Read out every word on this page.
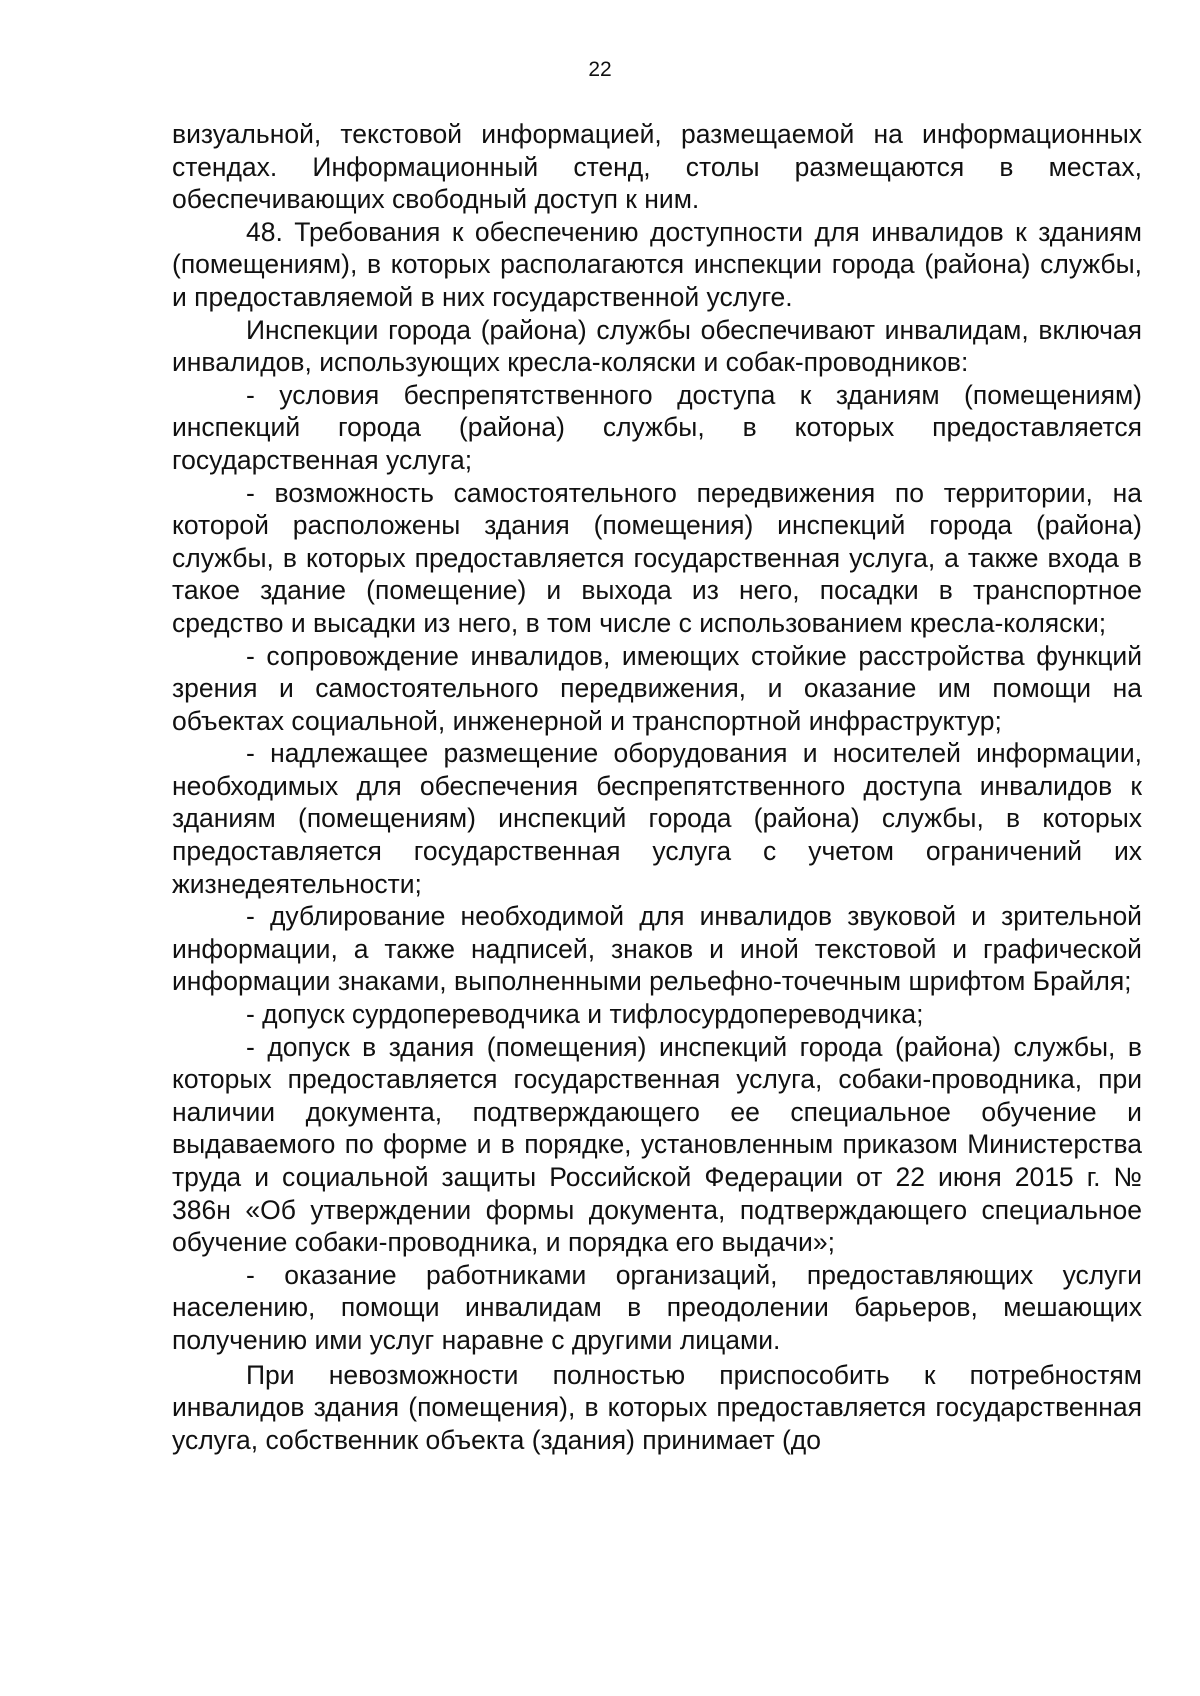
22

визуальной, текстовой информацией, размещаемой на информационных стендах. Информационный стенд, столы размещаются в местах, обеспечивающих свободный доступ к ним.

48. Требования к обеспечению доступности для инвалидов к зданиям (помещениям), в которых располагаются инспекции города (района) службы, и предоставляемой в них государственной услуге.

Инспекции города (района) службы обеспечивают инвалидам, включая инвалидов, использующих кресла-коляски и собак-проводников:

- условия беспрепятственного доступа к зданиям (помещениям) инспекций города (района) службы, в которых предоставляется государственная услуга;

- возможность самостоятельного передвижения по территории, на которой расположены здания (помещения) инспекций города (района) службы, в которых предоставляется государственная услуга, а также входа в такое здание (помещение) и выхода из него, посадки в транспортное средство и высадки из него, в том числе с использованием кресла-коляски;

- сопровождение инвалидов, имеющих стойкие расстройства функций зрения и самостоятельного передвижения, и оказание им помощи на объектах социальной, инженерной и транспортной инфраструктур;

- надлежащее размещение оборудования и носителей информации, необходимых для обеспечения беспрепятственного доступа инвалидов к зданиям (помещениям) инспекций города (района) службы, в которых предоставляется государственная услуга с учетом ограничений их жизнедеятельности;

- дублирование необходимой для инвалидов звуковой и зрительной информации, а также надписей, знаков и иной текстовой и графической информации знаками, выполненными рельефно-точечным шрифтом Брайля;

- допуск сурдопереводчика и тифлосурдопереводчика;

- допуск в здания (помещения) инспекций города (района) службы, в которых предоставляется государственная услуга, собаки-проводника, при наличии документа, подтверждающего ее специальное обучение и выдаваемого по форме и в порядке, установленным приказом Министерства труда и социальной защиты Российской Федерации от 22 июня 2015 г. № 386н «Об утверждении формы документа, подтверждающего специальное обучение собаки-проводника, и порядка его выдачи»;

- оказание работниками организаций, предоставляющих услуги населению, помощи инвалидам в преодолении барьеров, мешающих получению ими услуг наравне с другими лицами.

При невозможности полностью приспособить к потребностям инвалидов здания (помещения), в которых предоставляется государственная услуга, собственник объекта (здания) принимает (до
